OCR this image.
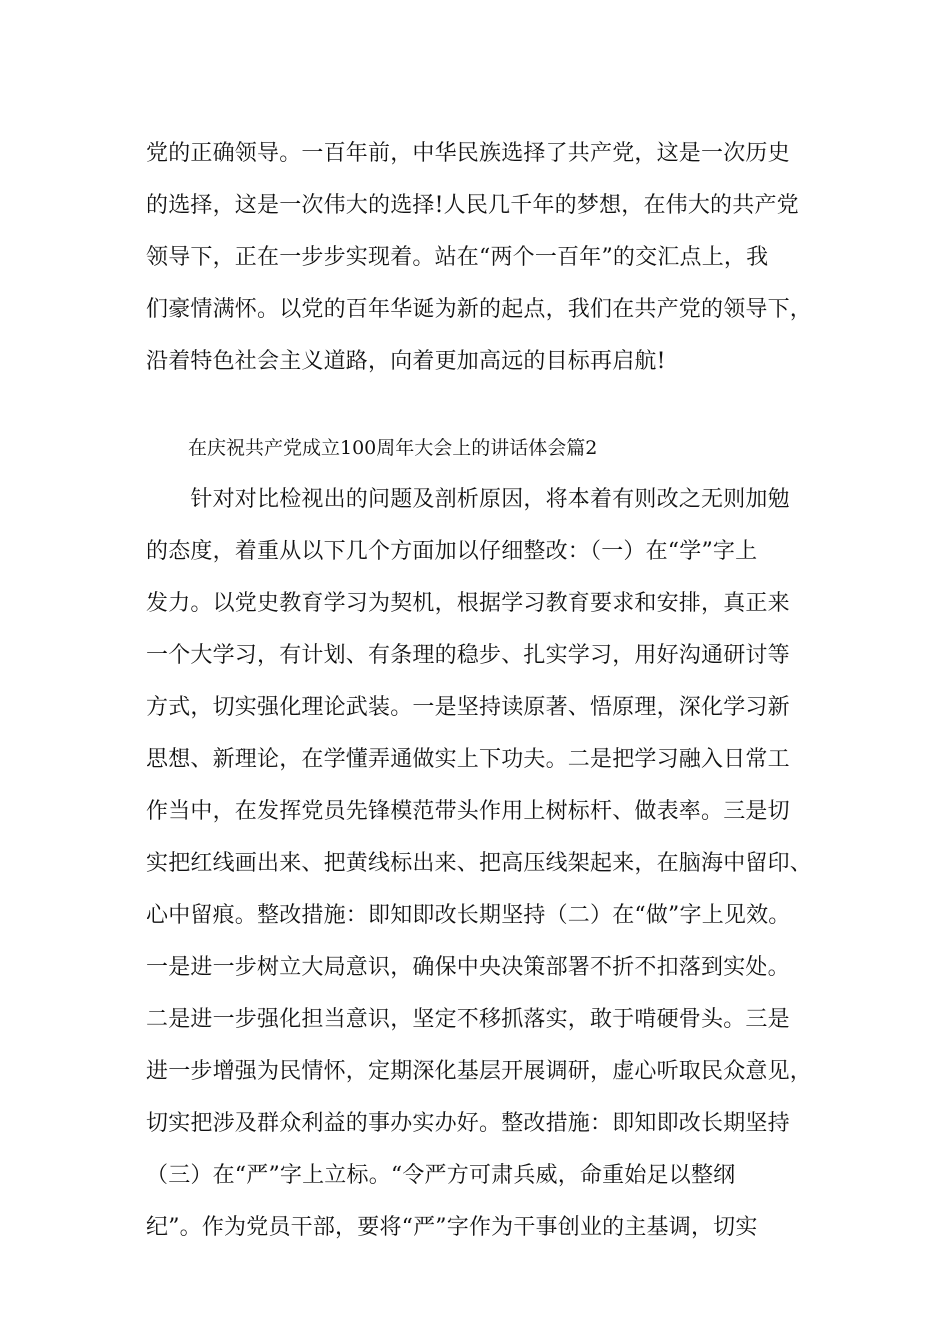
党的正确领导。一百年前，中华民族选择了共产党，这是一次历史
的选择，这是一次伟大的选择!人民几千年的梦想，在伟大的共产党
领导下，正在一步步实现着。站在“两个一百年”的交汇点上，我
们豪情满怀。以党的百年华诞为新的起点，我们在共产党的领导下，
沿着特色社会主义道路，向着更加高远的目标再启航!
在庆祝共产党成立100周年大会上的讲话体会篇2
　　针对对比检视出的问题及剖析原因，将本着有则改之无则加勉
的态度，着重从以下几个方面加以仔细整改：（一）在“学”字上
发力。以党史教育学习为契机，根据学习教育要求和安排，真正来
一个大学习，有计划、有条理的稳步、扎实学习，用好沟通研讨等
方式，切实强化理论武装。一是坚持读原著、悟原理，深化学习新
思想、新理论，在学懂弄通做实上下功夫。二是把学习融入日常工
作当中，在发挥党员先锋模范带头作用上树标杆、做表率。三是切
实把红线画出来、把黄线标出来、把高压线架起来，在脑海中留印、
心中留痕。整改措施：即知即改长期坚持（二）在“做”字上见效。
一是进一步树立大局意识，确保中央决策部署不折不扣落到实处。
二是进一步强化担当意识，坚定不移抓落实，敢于啃硬骨头。三是
进一步增强为民情怀，定期深化基层开展调研，虚心听取民众意见，
切实把涉及群众利益的事办实办好。整改措施：即知即改长期坚持
（三）在“严”字上立标。“令严方可肃兵威，命重始足以整纲
纪”。作为党员干部，要将“严”字作为干事创业的主基调，切实
